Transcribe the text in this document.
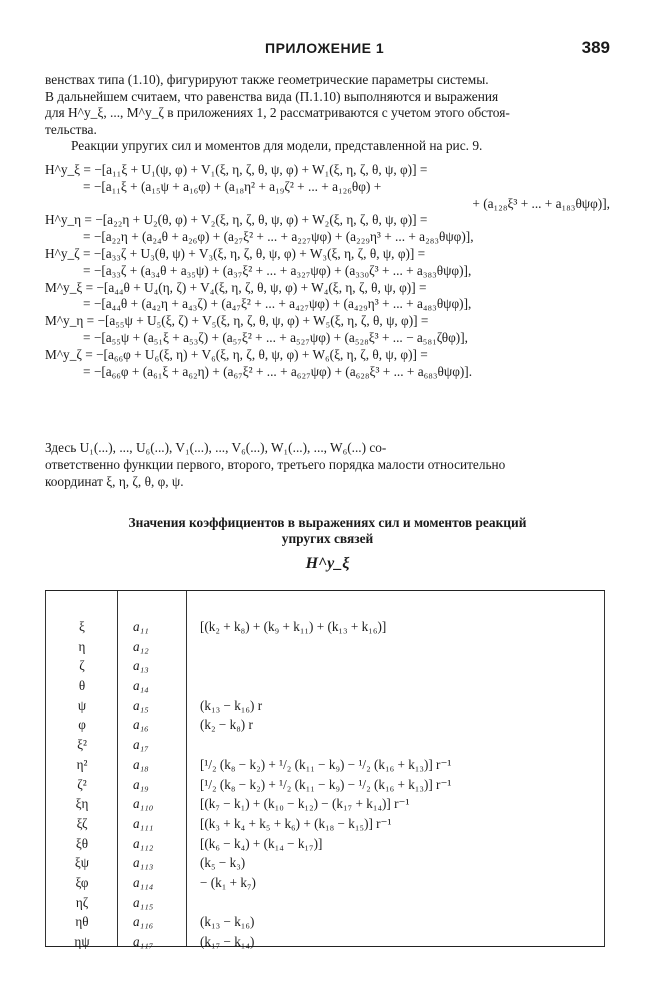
ПРИЛОЖЕНИЕ 1	389
венствах типа (1.10), фигурируют также геометрические параметры системы.
В дальнейшем считаем, что равенства вида (П.1.10) выполняются и выражения
для H^y_ξ, ..., M^y_ζ в приложениях 1, 2 рассматриваются с учетом этого обстоя-
тельства.
Реакции упругих сил и моментов для модели, представленной на рис. 9.
H^y_ξ = −[a₁₁ξ + U₁(ψ, φ) + V₁(ξ, η, ζ, θ, ψ, φ) + W₁(ξ, η, ζ, θ, ψ, φ)] =
= −[a₁₁ξ + (a₁₅ψ + a₁₆φ) + (a₁₈η² + a₁₉ζ² + ... + a₁₂₆θφ) +
+ (a₁₂₈ξ³ + ... + a₁₈₃θψφ)],
H^y_η = −[a₂₂η + U₂(θ, φ) + V₂(ξ, η, ζ, θ, ψ, φ) + W₂(ξ, η, ζ, θ, ψ, φ)] =
= −[a₂₂η + (a₂₄θ + a₂₆φ) + (a₂₇ξ² + ... + a₂₂₇ψφ) + (a₂₂₉η³ + ... + a₂₈₃θψφ)],
H^y_ζ = −[a₃₃ζ + U₃(θ, ψ) + V₃(ξ, η, ζ, θ, ψ, φ) + W₃(ξ, η, ζ, θ, ψ, φ)] =
= −[a₃₃ζ + (a₃₄θ + a₃₅ψ) + (a₃₇ξ² + ... + a₃₂₇ψφ) + (a₃₃₀ζ³ + ... + a₃₈₃θψφ)],
M^y_ξ = −[a₄₄θ + U₄(η, ζ) + V₄(ξ, η, ζ, θ, ψ, φ) + W₄(ξ, η, ζ, θ, ψ, φ)] =
= −[a₄₄θ + (a₄₂η + a₄₃ζ) + (a₄₇ξ² + ... + a₄₂₇ψφ) + (a₄₂₉η³ + ... + a₄₈₃θψφ)],
M^y_η = −[a₅₅ψ + U₅(ξ, ζ) + V₅(ξ, η, ζ, θ, ψ, φ) + W₅(ξ, η, ζ, θ, ψ, φ)] =
= −[a₅₅ψ + (a₅₁ξ + a₅₃ζ) + (a₅₇ξ² + ... + a₅₂₇ψφ) + (a₅₂₈ξ³ + ... − a₅₈₁ζθφ)],
M^y_ζ = −[a₆₆φ + U₆(ξ, η) + V₆(ξ, η, ζ, θ, ψ, φ) + W₆(ξ, η, ζ, θ, ψ, φ)] =
= −[a₆₆φ + (a₆₁ξ + a₆₂η) + (a₆₇ξ² + ... + a₆₂₇ψφ) + (a₆₂₈ξ³ + ... + a₆₈₃θψφ)].
Здесь U₁(...), ..., U₆(...), V₁(...), ..., V₆(...), W₁(...), ..., W₆(...) со-
ответственно функции первого, второго, третьего порядка малости относительно
координат ξ, η, ζ, θ, φ, ψ.
Значения коэффициентов в выражениях сил и моментов реакций
упругих связей
H^y_ξ
ξ	a₁₁	[(k₂ + k₈) + (k₉ + k₁₁) + (k₁₃ + k₁₆)]
η	a₁₂
ζ	a₁₃
θ	a₁₄
ψ	a₁₅	(k₁₃ − k₁₆) r
φ	a₁₆	(k₂ − k₈) r
ξ²	a₁₇
η²	a₁₈	[¹/₂ (k₈ − k₂) + ¹/₂ (k₁₁ − k₉) − ¹/₂ (k₁₆ + k₁₃)] r⁻¹
ζ²	a₁₉	[¹/₂ (k₈ − k₂) + ¹/₂ (k₁₁ − k₉) − ¹/₂ (k₁₆ + k₁₃)] r⁻¹
ξη	a₁₁₀	[(k₇ − k₁) + (k₁₀ − k₁₂) − (k₁₇ + k₁₄)] r⁻¹
ξζ	a₁₁₁	[(k₃ + k₄ + k₅ + k₆) + (k₁₈ − k₁₅)] r⁻¹
ξθ	a₁₁₂	[(k₆ − k₄) + (k₁₄ − k₁₇)]
ξψ	a₁₁₃	(k₅ − k₃)
ξφ	a₁₁₄	− (k₁ + k₇)
ηζ	a₁₁₅
ηθ	a₁₁₆	(k₁₃ − k₁₆)
ηψ	a₁₁₇	(k₁₇ − k₁₄)
